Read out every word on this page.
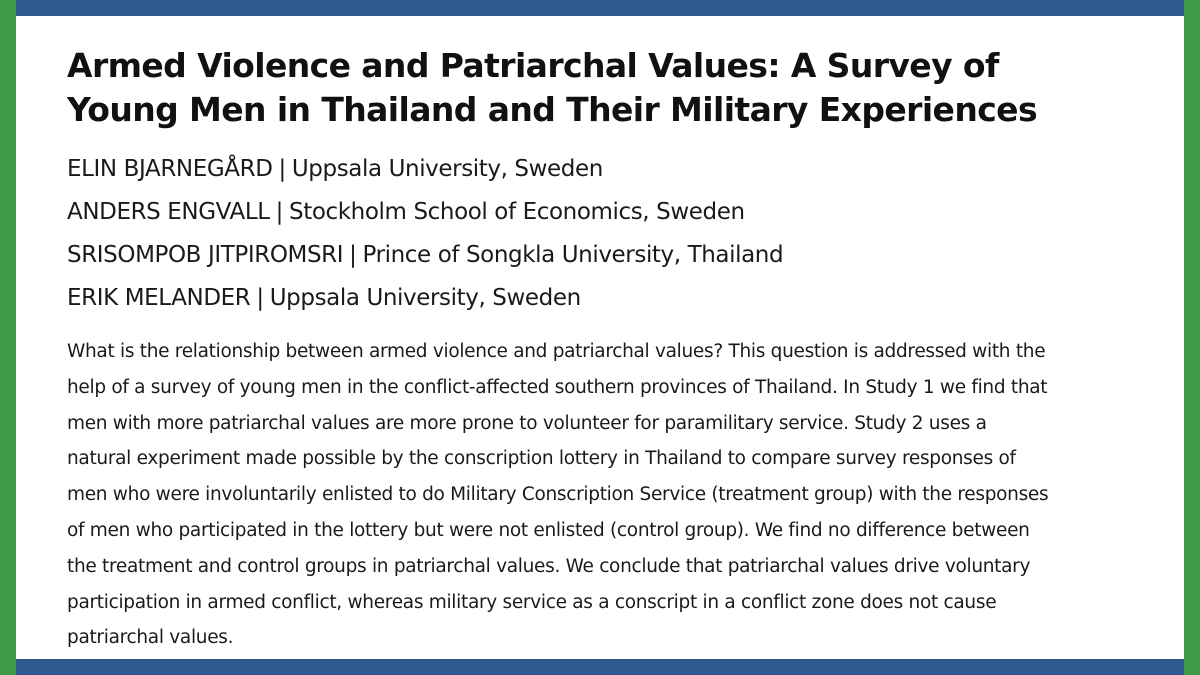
Armed Violence and Patriarchal Values: A Survey of
Young Men in Thailand and Their Military Experiences
ELIN BJARNEGÅRD | Uppsala University, Sweden
ANDERS ENGVALL | Stockholm School of Economics, Sweden
SRISOMPOB JITPIROMSRI | Prince of Songkla University, Thailand
ERIK MELANDER | Uppsala University, Sweden
What is the relationship between armed violence and patriarchal values? This question is addressed with the
help of a survey of young men in the conflict-affected southern provinces of Thailand. In Study 1 we find that
men with more patriarchal values are more prone to volunteer for paramilitary service. Study 2 uses a
natural experiment made possible by the conscription lottery in Thailand to compare survey responses of
men who were involuntarily enlisted to do Military Conscription Service (treatment group) with the responses
of men who participated in the lottery but were not enlisted (control group). We find no difference between
the treatment and control groups in patriarchal values. We conclude that patriarchal values drive voluntary
participation in armed conflict, whereas military service as a conscript in a conflict zone does not cause
patriarchal values.
